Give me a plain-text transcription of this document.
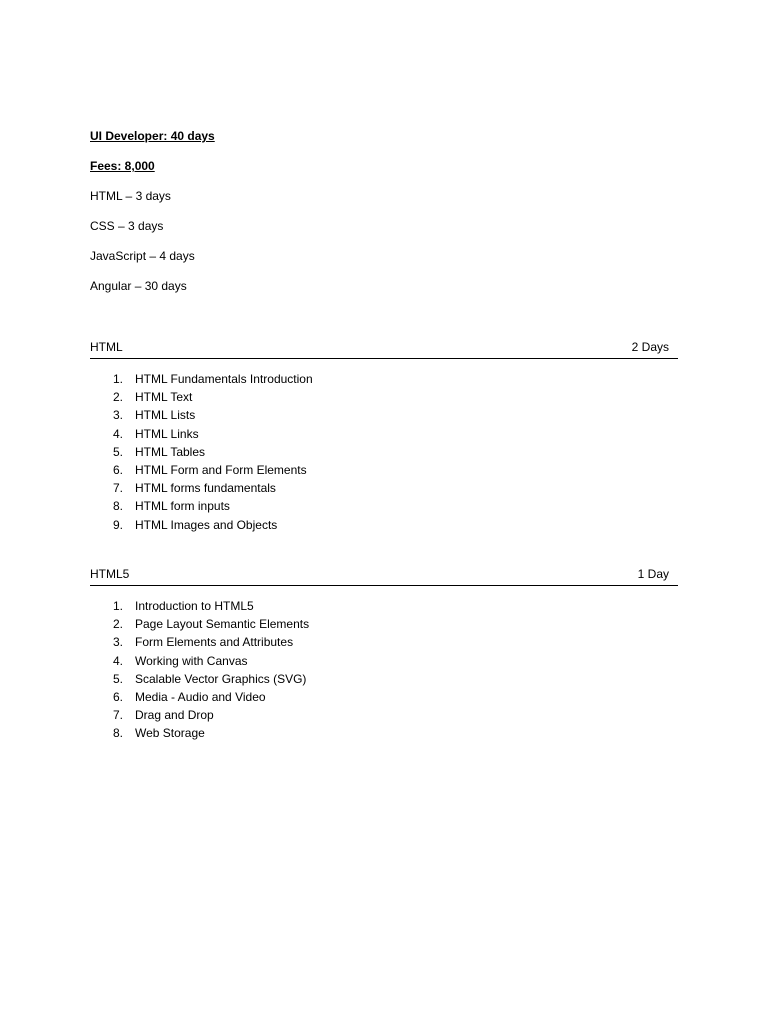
UI Developer: 40 days
Fees: 8,000
HTML – 3 days
CSS – 3 days
JavaScript – 4 days
Angular – 30 days
HTML	2 Days
1. HTML Fundamentals Introduction
2. HTML Text
3. HTML Lists
4. HTML Links
5. HTML Tables
6. HTML Form and Form Elements
7. HTML forms fundamentals
8. HTML form inputs
9. HTML Images and Objects
HTML5	1 Day
1. Introduction to HTML5
2. Page Layout Semantic Elements
3. Form Elements and Attributes
4. Working with Canvas
5. Scalable Vector Graphics (SVG)
6. Media - Audio and Video
7. Drag and Drop
8. Web Storage
